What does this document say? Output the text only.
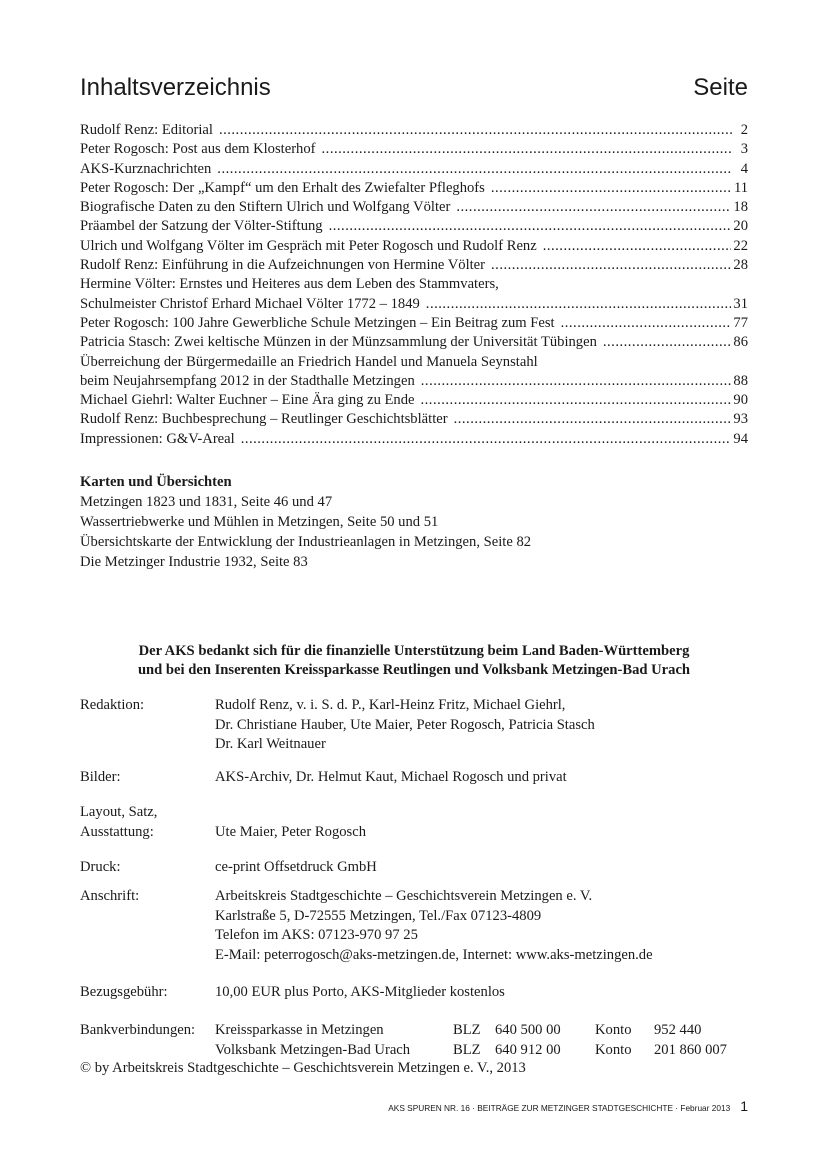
Inhaltsverzeichnis	Seite
Rudolf Renz: Editorial .....	2
Peter Rogosch: Post aus dem Klosterhof .....	3
AKS-Kurznachrichten .....	4
Peter Rogosch: Der „Kampf“ um den Erhalt des Zwiefalter Pfleghofs .....	11
Biografische Daten zu den Stiftern Ulrich und Wolfgang Völter .....	18
Präambel der Satzung der Völter-Stiftung .....	20
Ulrich und Wolfgang Völter im Gespräch mit Peter Rogosch und Rudolf Renz .....	22
Rudolf Renz: Einführung in die Aufzeichnungen von Hermine Völter .....	28
Hermine Völter: Ernstes und Heiteres aus dem Leben des Stammvaters,
Schulmeister Christof Erhard Michael Völter 1772 – 1849 .....	31
Peter Rogosch: 100 Jahre Gewerbliche Schule Metzingen – Ein Beitrag zum Fest .....	77
Patricia Stasch: Zwei keltische Münzen in der Münzsammlung der Universität Tübingen .....	86
Überreichung der Bürgermedaille an Friedrich Handel und Manuela Seynstahl
beim Neujahrsempfang 2012 in der Stadthalle Metzingen .....	88
Michael Giehrl: Walter Euchner – Eine Ära ging zu Ende .....	90
Rudolf Renz: Buchbesprechung – Reutlinger Geschichtsblätter .....	93
Impressionen: G&V-Areal .....	94
Karten und Übersichten
Metzingen 1823 und 1831, Seite 46 und 47
Wassertriebwerke und Mühlen in Metzingen, Seite 50 und 51
Übersichtskarte der Entwicklung der Industrieanlagen in Metzingen, Seite 82
Die Metzinger Industrie 1932, Seite 83
Der AKS bedankt sich für die finanzielle Unterstützung beim Land Baden-Württemberg
und bei den Inserenten Kreissparkasse Reutlingen und Volksbank Metzingen-Bad Urach
Redaktion:	Rudolf Renz, v. i. S. d. P., Karl-Heinz Fritz, Michael Giehrl,
Dr. Christiane Hauber, Ute Maier, Peter Rogosch, Patricia Stasch
Dr. Karl Weitnauer
Bilder:	AKS-Archiv, Dr. Helmut Kaut, Michael Rogosch und privat
Layout, Satz,
Ausstattung:	Ute Maier, Peter Rogosch
Druck:	ce-print Offsetdruck GmbH
Anschrift:	Arbeitskreis Stadtgeschichte – Geschichtsverein Metzingen e. V.
Karlstraße 5, D-72555 Metzingen, Tel./Fax 07123-4809
Telefon im AKS: 07123-970 97 25
E-Mail: peterrogosch@aks-metzingen.de, Internet: www.aks-metzingen.de
Bezugsgebühr:	10,00 EUR plus Porto, AKS-Mitglieder kostenlos
Bankverbindungen: Kreissparkasse in Metzingen	BLZ 640 500 00 Konto 952 440
Volksbank Metzingen-Bad Urach	BLZ 640 912 00 Konto 201 860 007
© by Arbeitskreis Stadtgeschichte – Geschichtsverein Metzingen e. V., 2013
AKS SPUREN NR. 16 · BEITRÄGE ZUR METZINGER STADTGESCHICHTE · Februar 2013 1
